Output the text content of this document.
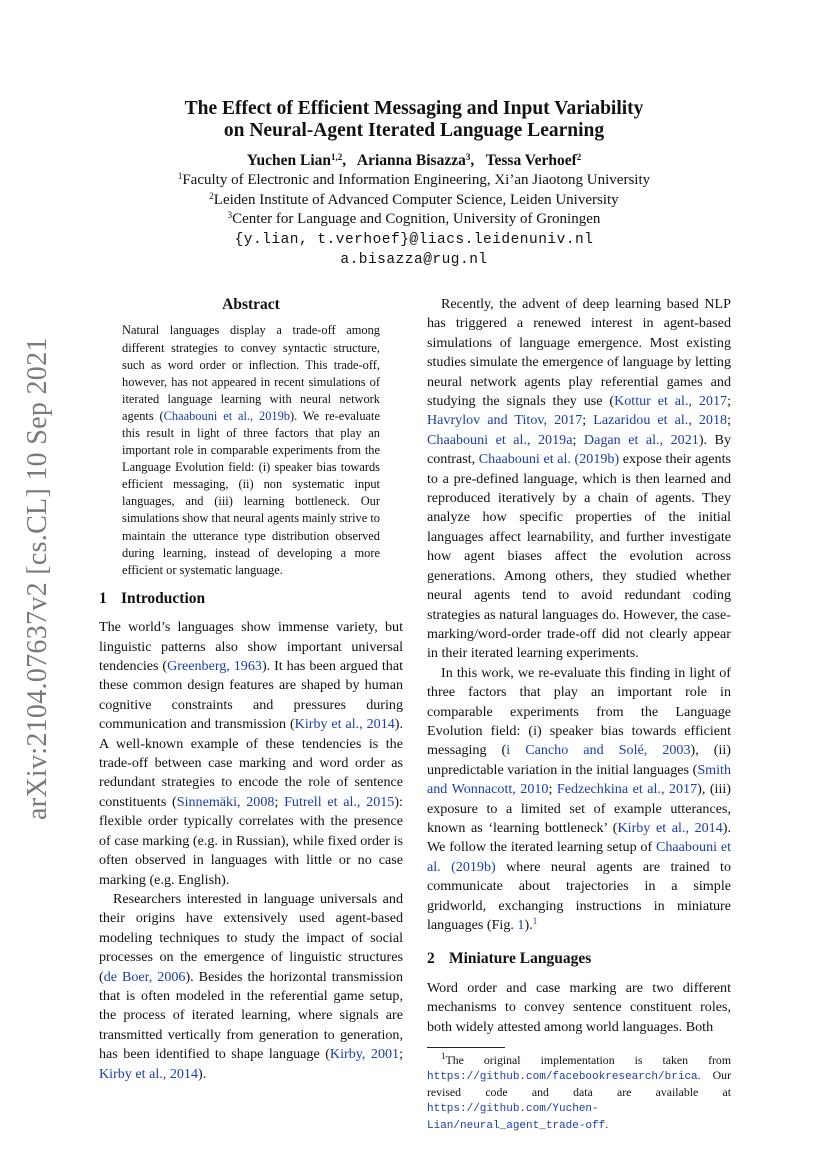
arXiv:2104.07637v2 [cs.CL] 10 Sep 2021
The Effect of Efficient Messaging and Input Variability
on Neural-Agent Iterated Language Learning
Yuchen Lian$^{1,2}$,   Arianna Bisazza$^3$,   Tessa Verhoef$^2$
$^1$Faculty of Electronic and Information Engineering, Xi’an Jiaotong University
$^2$Leiden Institute of Advanced Computer Science, Leiden University
$^3$Center for Language and Cognition, University of Groningen
{y.lian, t.verhoef}@liacs.leidenuniv.nl
a.bisazza@rug.nl
Abstract

Natural languages display a trade-off among different strategies to convey syntactic structure, such as word order or inflection. This trade-off, however, has not appeared in recent simulations of iterated language learning with neural network agents (Chaabouni et al., 2019b). We re-evaluate this result in light of three factors that play an important role in comparable experiments from the Language Evolution field: (i) speaker bias towards efficient messaging, (ii) non systematic input languages, and (iii) learning bottleneck. Our simulations show that neural agents mainly strive to maintain the utterance type distribution observed during learning, instead of developing a more efficient or systematic language.

1 Introduction

The world’s languages show immense variety, but linguistic patterns also show important universal tendencies (Greenberg, 1963). It has been argued that these common design features are shaped by human cognitive constraints and pressures during communication and transmission (Kirby et al., 2014). A well-known example of these tendencies is the trade-off between case marking and word order as redundant strategies to encode the role of sentence constituents (Sinnemäki, 2008; Futrell et al., 2015): flexible order typically correlates with the presence of case marking (e.g. in Russian), while fixed order is often observed in languages with little or no case marking (e.g. English).

Researchers interested in language universals and their origins have extensively used agent-based modeling techniques to study the impact of social processes on the emergence of linguistic structures (de Boer, 2006). Besides the horizontal transmission that is often modeled in the referential game setup, the process of iterated learning, where signals are transmitted vertically from generation to generation, has been identified to shape language (Kirby, 2001; Kirby et al., 2014).

Recently, the advent of deep learning based NLP has triggered a renewed interest in agent-based simulations of language emergence. Most existing studies simulate the emergence of language by letting neural network agents play referential games and studying the signals they use (Kottur et al., 2017; Havrylov and Titov, 2017; Lazaridou et al., 2018; Chaabouni et al., 2019a; Dagan et al., 2021). By contrast, Chaabouni et al. (2019b) expose their agents to a pre-defined language, which is then learned and reproduced iteratively by a chain of agents. They analyze how specific properties of the initial languages affect learnability, and further investigate how agent biases affect the evolution across generations. Among others, they studied whether neural agents tend to avoid redundant coding strategies as natural languages do. However, the case-marking/word-order trade-off did not clearly appear in their iterated learning experiments.

In this work, we re-evaluate this finding in light of three factors that play an important role in comparable experiments from the Language Evolution field: (i) speaker bias towards efficient messaging (i Cancho and Solé, 2003), (ii) unpredictable variation in the initial languages (Smith and Wonnacott, 2010; Fedzechkina et al., 2017), (iii) exposure to a limited set of example utterances, known as ‘learning bottleneck’ (Kirby et al., 2014). We follow the iterated learning setup of Chaabouni et al. (2019b) where neural agents are trained to communicate about trajectories in a simple gridworld, exchanging instructions in miniature languages (Fig. 1).$^1$

2 Miniature Languages

Word order and case marking are two different mechanisms to convey sentence constituent roles, both widely attested among world languages. Both

$^1$The original implementation is taken from https://github.com/facebookresearch/brica. Our revised code and data are available at https://github.com/Yuchen-Lian/neural_agent_trade-off.
